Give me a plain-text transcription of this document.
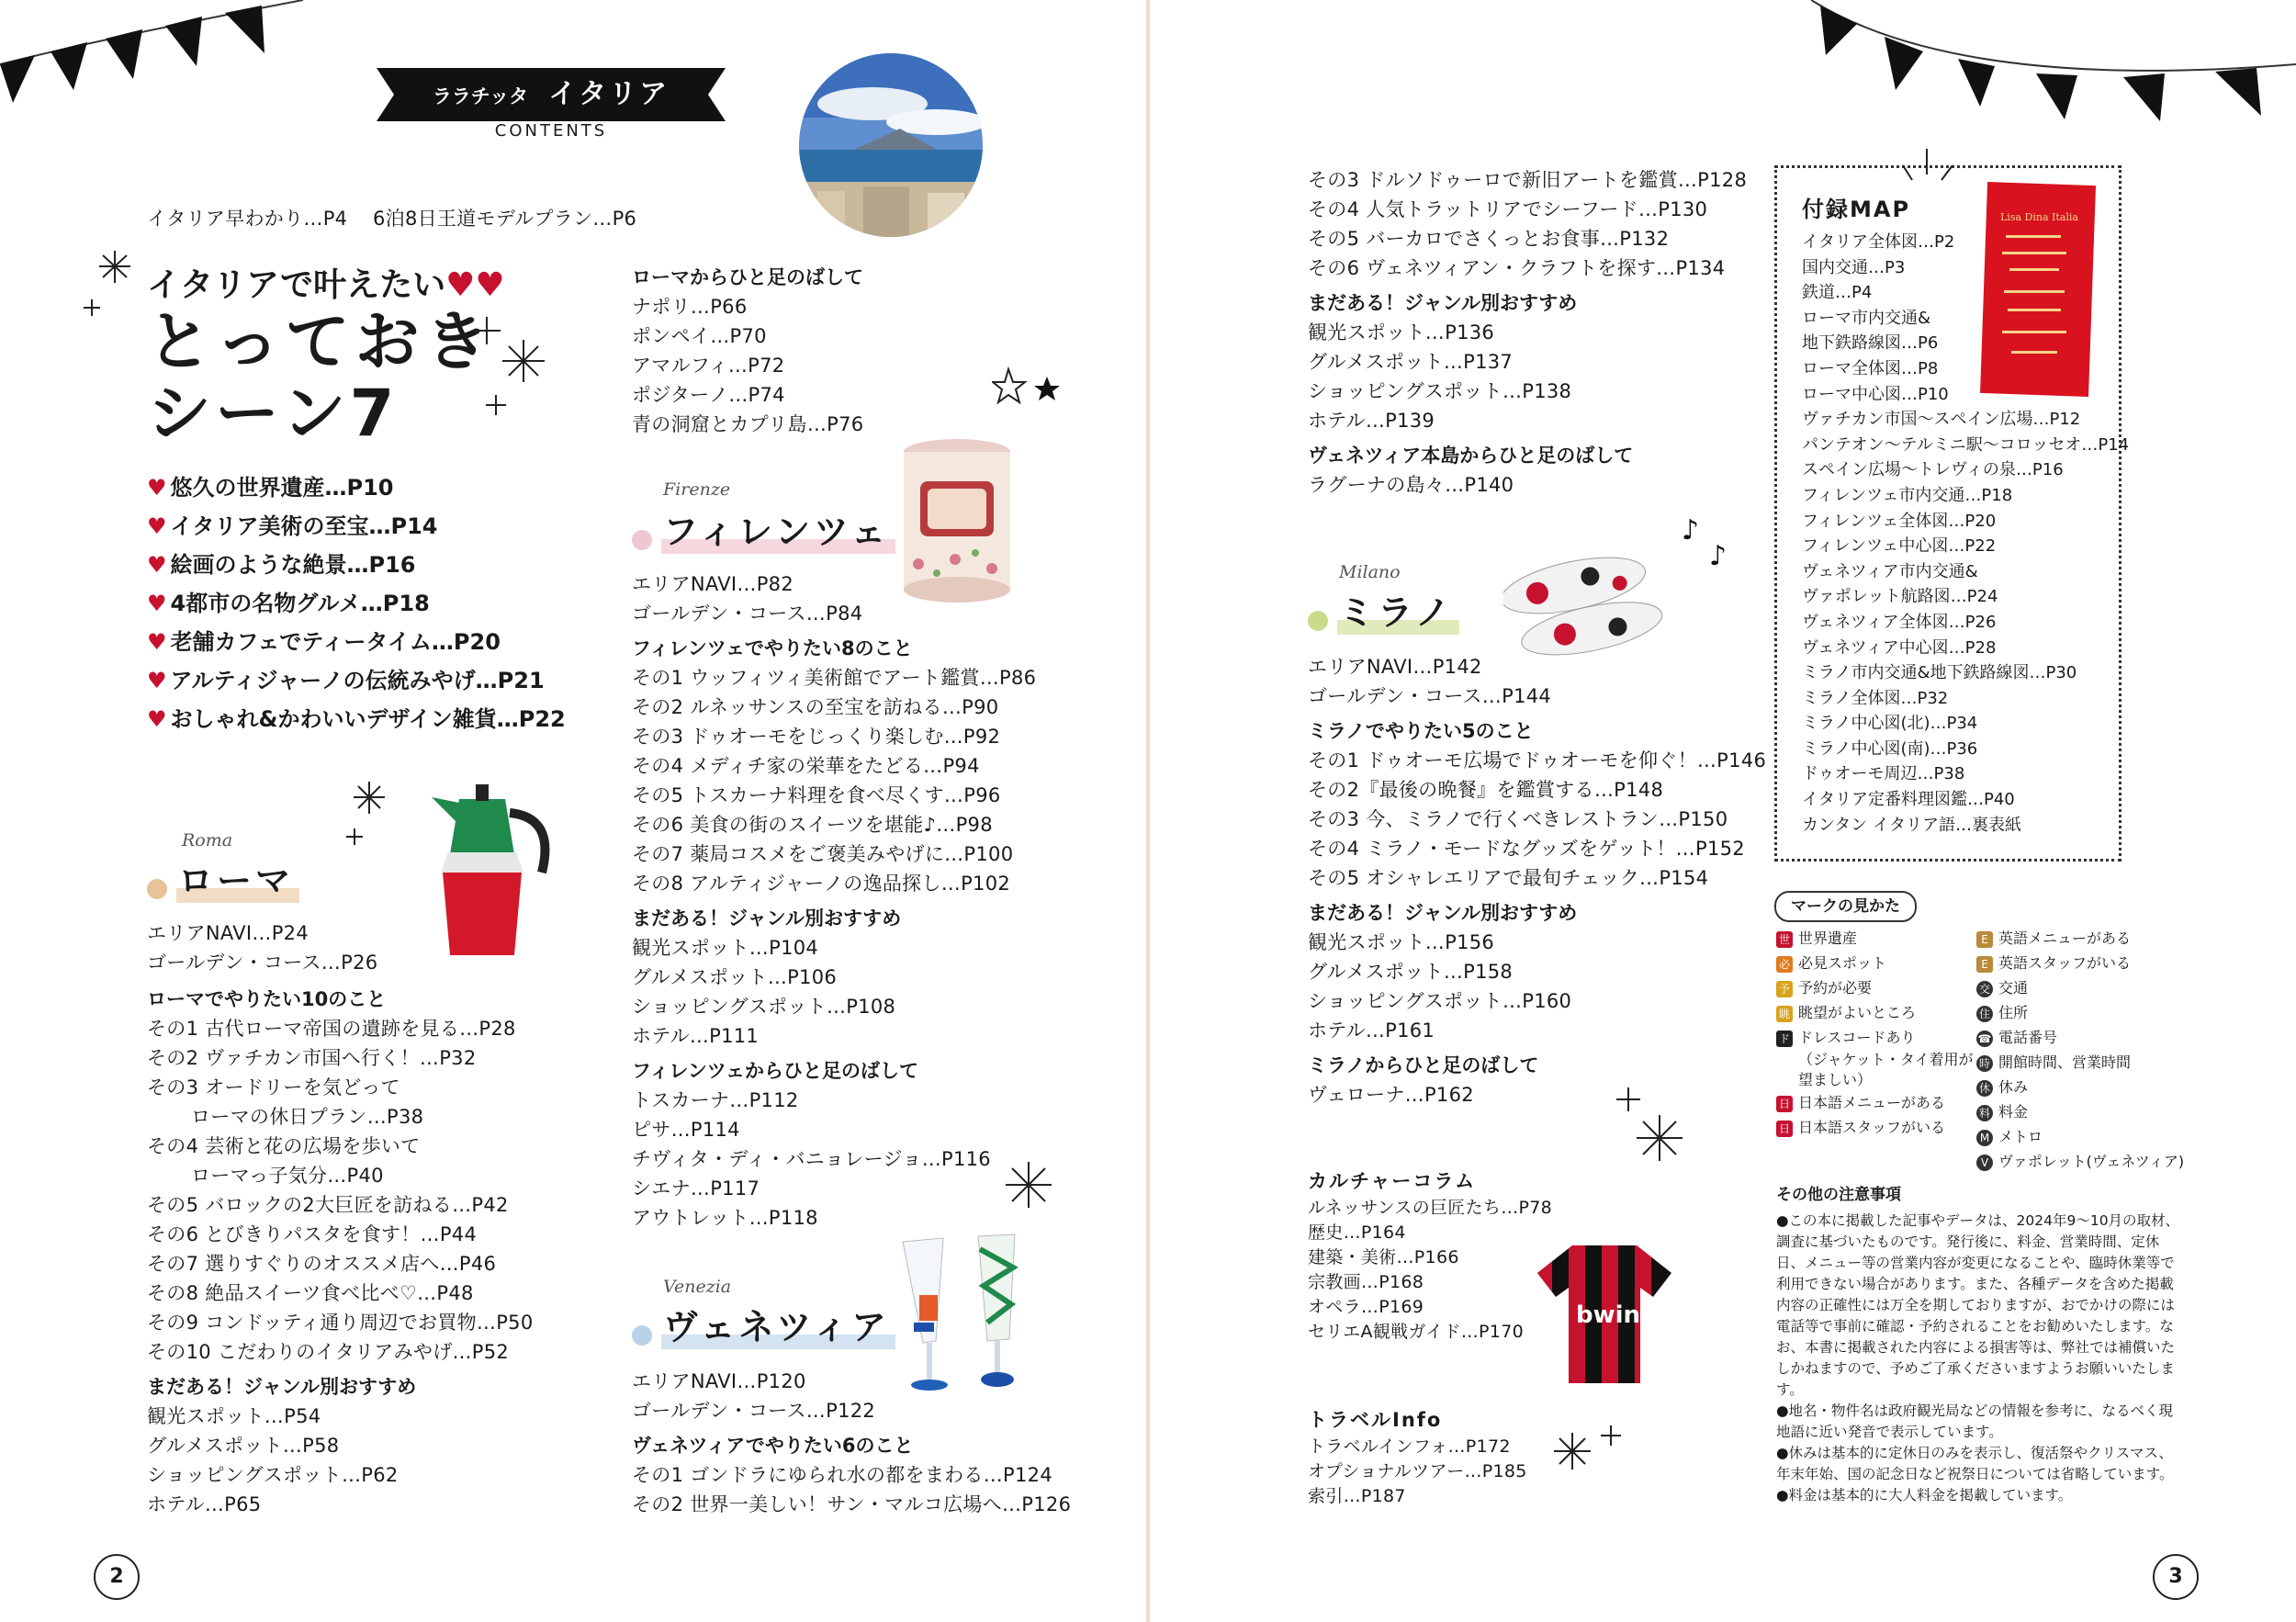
ララチッタ イタリア
CONTENTS
イタリア早わかり…P4 6泊8日王道モデルプラン…P6
イタリアで叶えたい♥♥
とっておき
シーン7
♥ 悠久の世界遺産…P10
♥ イタリア美術の至宝…P14
♥ 絵画のような絶景…P16
♥ 4都市の名物グルメ…P18
♥ 老舗カフェでティータイム…P20
♥ アルティジャーノの伝統みやげ…P21
♥ おしゃれ&かわいいデザイン雑貨…P22
Roma
ローマ
エリアNAVI…P24
ゴールデン・コース…P26
ローマでやりたい10のこと
その1 古代ローマ帝国の遺跡を見る…P28
その2 ヴァチカン市国へ行く！…P32
その3 オードリーを気どって
ローマの休日プラン…P38
その4 芸術と花の広場を歩いて
ローマっ子気分…P40
その5 バロックの2大巨匠を訪ねる…P42
その6 とびきりパスタを食す！…P44
その7 選りすぐりのオススメ店へ…P46
その8 絶品スイーツ食べ比べ♡…P48
その9 コンドッティ通り周辺でお買物…P50
その10 こだわりのイタリアみやげ…P52
まだある！ジャンル別おすすめ
観光スポット…P54
グルメスポット…P58
ショッピングスポット…P62
ホテル…P65
ローマからひと足のばして
ナポリ…P66
ポンペイ…P70
アマルフィ…P72
ポジターノ…P74
青の洞窟とカプリ島…P76
Firenze
フィレンツェ
エリアNAVI…P82
ゴールデン・コース…P84
フィレンツェでやりたい8のこと
その1 ウッフィツィ美術館でアート鑑賞…P86
その2 ルネッサンスの至宝を訪ねる…P90
その3 ドゥオーモをじっくり楽しむ…P92
その4 メディチ家の栄華をたどる…P94
その5 トスカーナ料理を食べ尽くす…P96
その6 美食の街のスイーツを堪能♪…P98
その7 薬局コスメをご褒美みやげに…P100
その8 アルティジャーノの逸品探し…P102
まだある！ジャンル別おすすめ
観光スポット…P104
グルメスポット…P106
ショッピングスポット…P108
ホテル…P111
フィレンツェからひと足のばして
トスカーナ…P112
ピサ…P114
チヴィタ・ディ・バニョレージョ…P116
シエナ…P117
アウトレット…P118
Venezia
ヴェネツィア
エリアNAVI…P120
ゴールデン・コース…P122
ヴェネツィアでやりたい6のこと
その1 ゴンドラにゆられ水の都をまわる…P124
その2 世界一美しい！サン・マルコ広場へ…P126
2
その3 ドルソドゥーロで新旧アートを鑑賞…P128
その4 人気トラットリアでシーフード…P130
その5 バーカロでさくっとお食事…P132
その6 ヴェネツィアン・クラフトを探す…P134
まだある！ジャンル別おすすめ
観光スポット…P136
グルメスポット…P137
ショッピングスポット…P138
ホテル…P139
ヴェネツィア本島からひと足のばして
ラグーナの島々…P140
♪
♪
Milano
ミラノ
エリアNAVI…P142
ゴールデン・コース…P144
ミラノでやりたい5のこと
その1 ドゥオーモ広場でドゥオーモを仰ぐ！…P146
その2『最後の晩餐』を鑑賞する…P148
その3 今、ミラノで行くべきレストラン…P150
その4 ミラノ・モードなグッズをゲット！…P152
その5 オシャレエリアで最旬チェック…P154
まだある！ジャンル別おすすめ
観光スポット…P156
グルメスポット…P158
ショッピングスポット…P160
ホテル…P161
ミラノからひと足のばして
ヴェローナ…P162
カルチャーコラム
ルネッサンスの巨匠たち…P78
歴史…P164
建築・美術…P166
宗教画…P168
オペラ…P169
セリエA観戦ガイド…P170
bwin
トラベルInfo
トラベルインフォ…P172
オプショナルツアー…P185
索引…P187
付録MAP	Lisa Dina Italia
イタリア全体図…P2
国内交通…P3
鉄道…P4
ローマ市内交通&
地下鉄路線図…P6
ローマ全体図…P8
ローマ中心図…P10
ヴァチカン市国～スペイン広場…P12
パンテオン～テルミニ駅～コロッセオ…P14
スペイン広場～トレヴィの泉…P16
フィレンツェ市内交通…P18
フィレンツェ全体図…P20
フィレンツェ中心図…P22
ヴェネツィア市内交通&
ヴァポレット航路図…P24
ヴェネツィア全体図…P26
ヴェネツィア中心図…P28
ミラノ市内交通&地下鉄路線図…P30
ミラノ全体図…P32
ミラノ中心図(北)…P34
ミラノ中心図(南)…P36
ドゥオーモ周辺…P38
イタリア定番料理図鑑…P40
カンタン イタリア語…裏表紙
マークの見かた
世 世界遺産
必 必見スポット
予 予約が必要
眺 眺望がよいところ
ド ドレスコードあり
（ジャケット・タイ着用が
望ましい）
日 日本語メニューがある
日 日本語スタッフがいる
E 英語メニューがある
E 英語スタッフがいる
交 交通
住 住所
☎ 電話番号
時 開館時間、営業時間
休 休み
料 料金
M メトロ
V ヴァポレット(ヴェネツィア)
その他の注意事項
●この本に掲載した記事やデータは、2024年9～10月の取材、調査に基づいたものです。発行後に、料金、営業時間、定休日、メニュー等の営業内容が変更になることや、臨時休業等で利用できない場合があります。また、各種データを含めた掲載内容の正確性には万全を期しておりますが、おでかけの際には電話等で事前に確認・予約されることをお勧めいたします。なお、本書に掲載された内容による損害等は、弊社では補償いたしかねますので、予めご了承くださいますようお願いいたします。
●地名・物件名は政府観光局などの情報を参考に、なるべく現地語に近い発音で表示しています。
●休みは基本的に定休日のみを表示し、復活祭やクリスマス、年末年始、国の記念日など祝祭日については省略しています。
●料金は基本的に大人料金を掲載しています。
3
